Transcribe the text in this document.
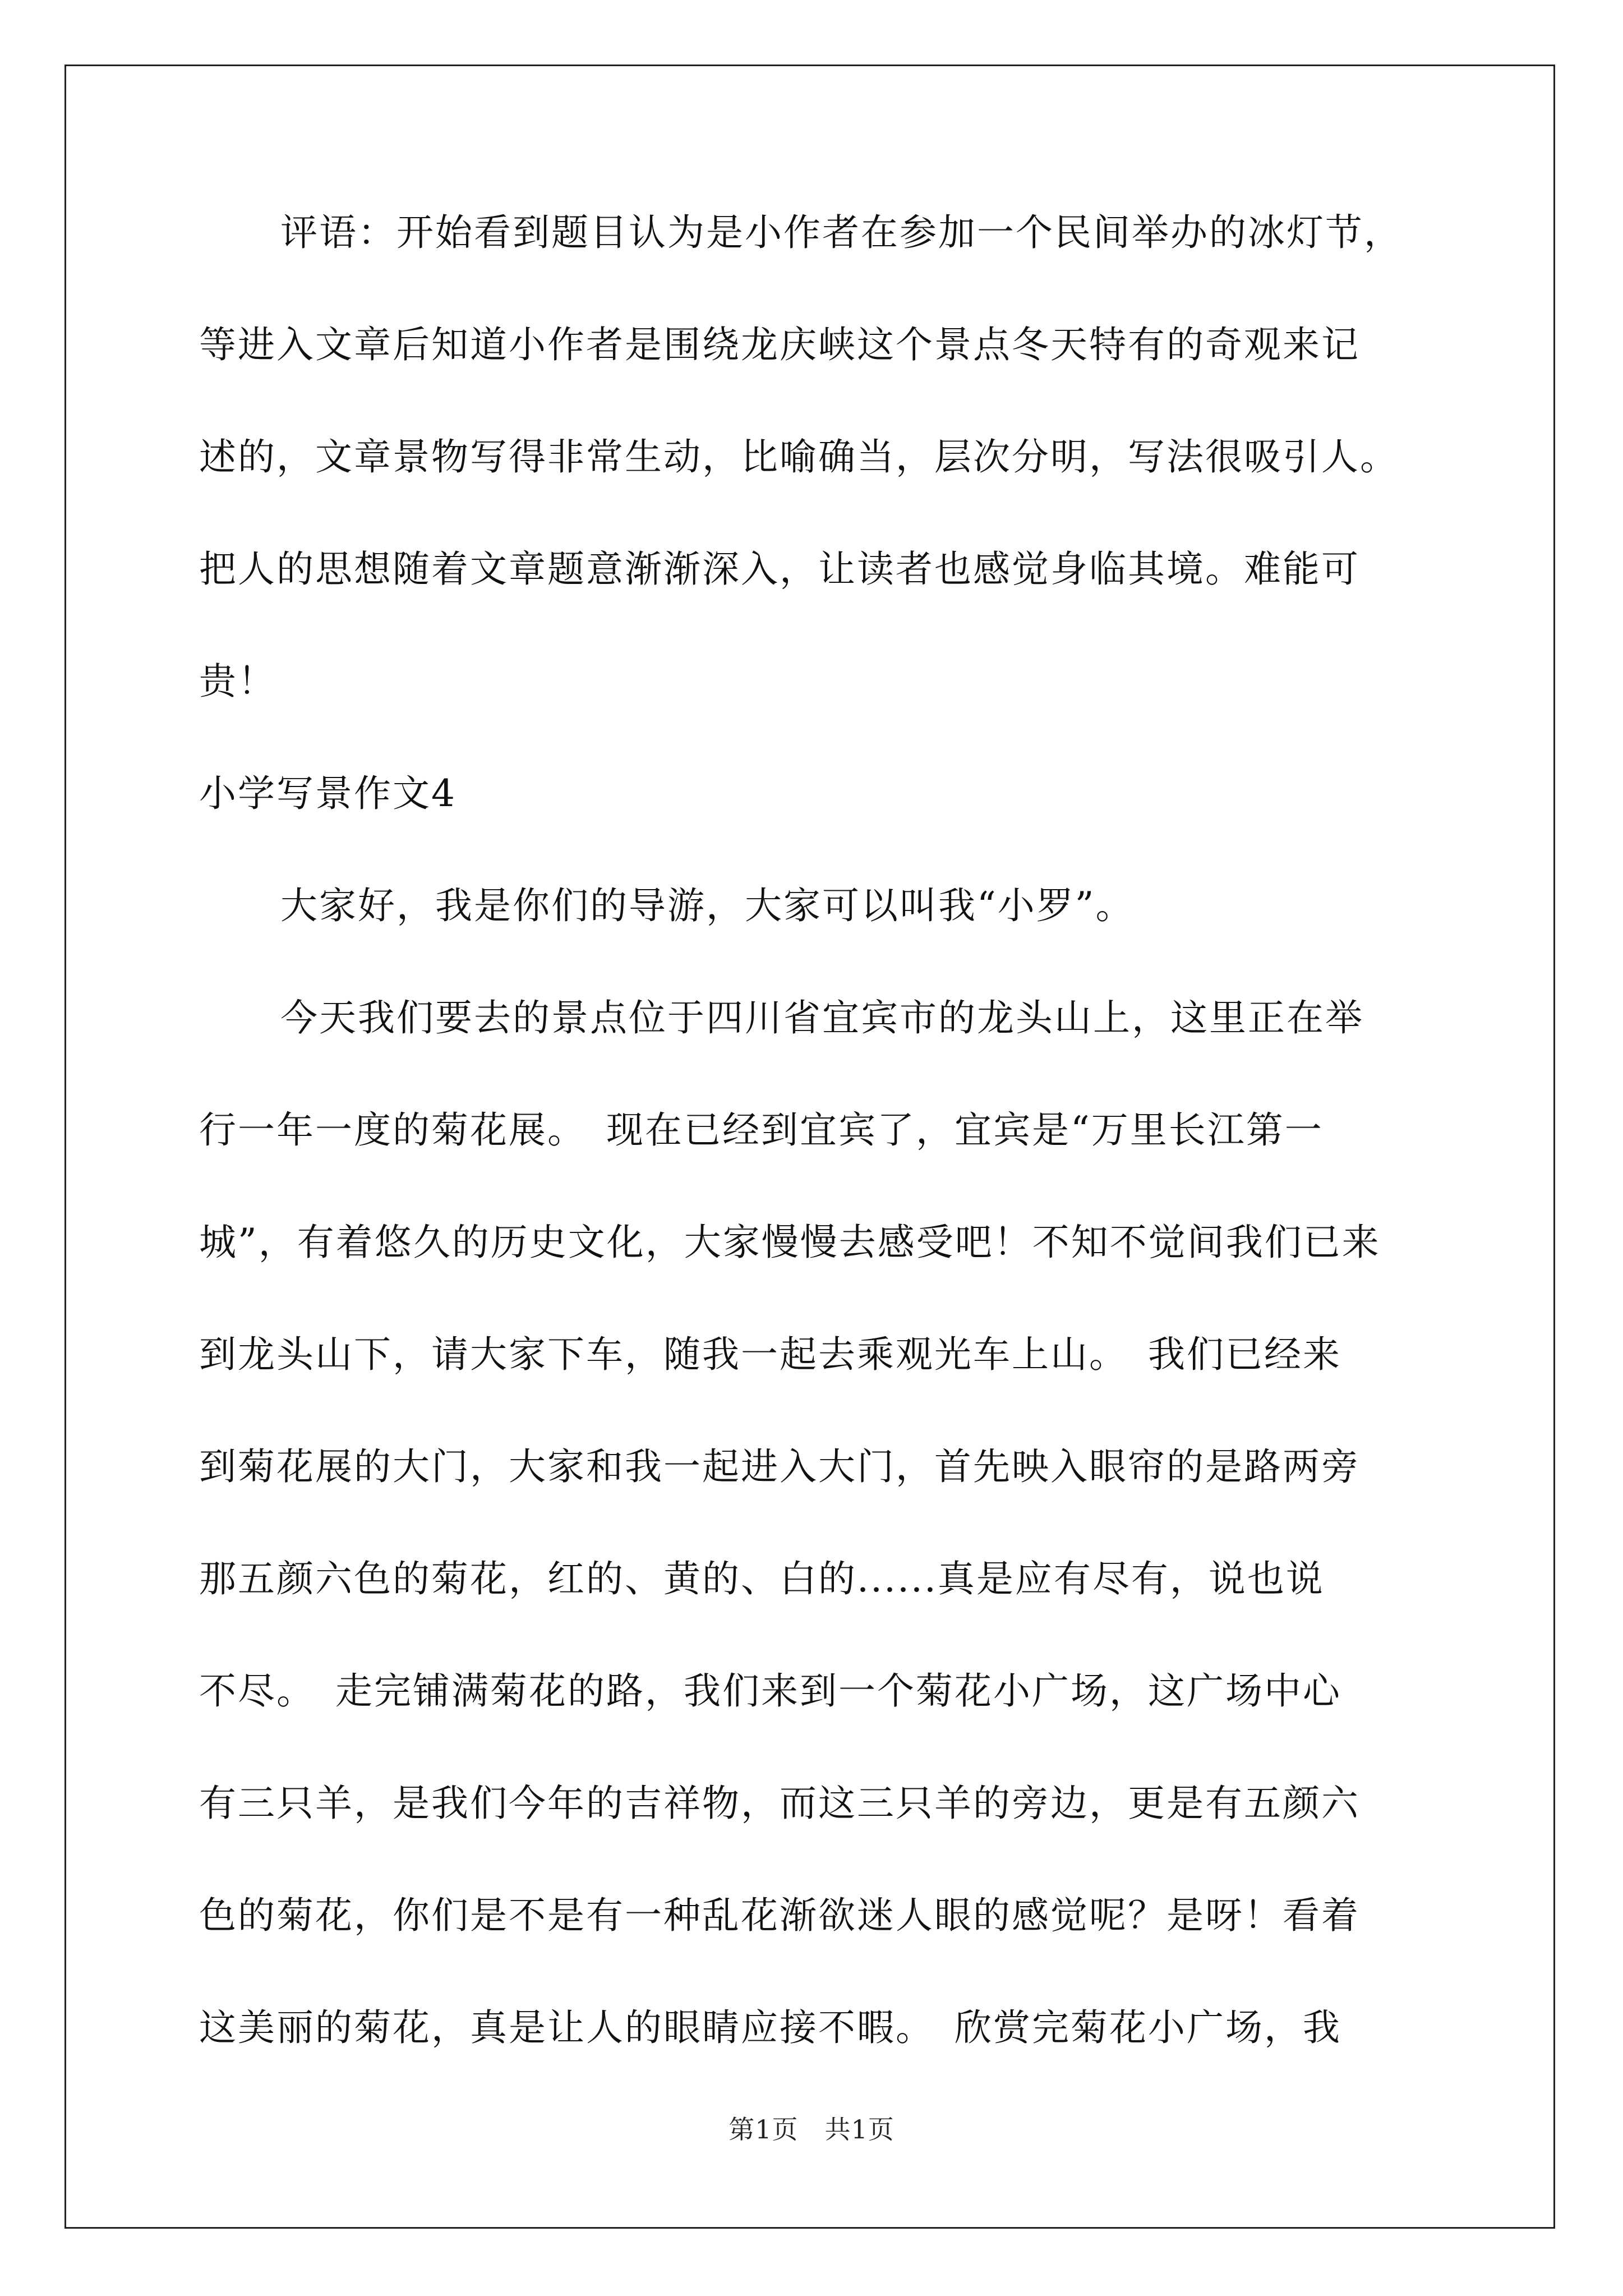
评语：开始看到题目认为是小作者在参加一个民间举办的冰灯节，
等进入文章后知道小作者是围绕龙庆峡这个景点冬天特有的奇观来记
述的，文章景物写得非常生动，比喻确当，层次分明，写法很吸引人。
把人的思想随着文章题意渐渐深入，让读者也感觉身临其境。难能可
贵！
小学写景作文4
大家好，我是你们的导游，大家可以叫我“小罗”。
今天我们要去的景点位于四川省宜宾市的龙头山上，这里正在举
行一年一度的菊花展。　现在已经到宜宾了，宜宾是“万里长江第一
城”，有着悠久的历史文化，大家慢慢去感受吧！不知不觉间我们已来
到龙头山下，请大家下车，随我一起去乘观光车上山。　我们已经来
到菊花展的大门，大家和我一起进入大门，首先映入眼帘的是路两旁
那五颜六色的菊花，红的、黄的、白的......真是应有尽有，说也说
不尽。　走完铺满菊花的路，我们来到一个菊花小广场，这广场中心
有三只羊，是我们今年的吉祥物，而这三只羊的旁边，更是有五颜六
色的菊花，你们是不是有一种乱花渐欲迷人眼的感觉呢？是呀！看着
这美丽的菊花，真是让人的眼睛应接不暇。　欣赏完菊花小广场，我
第1页　共1页
